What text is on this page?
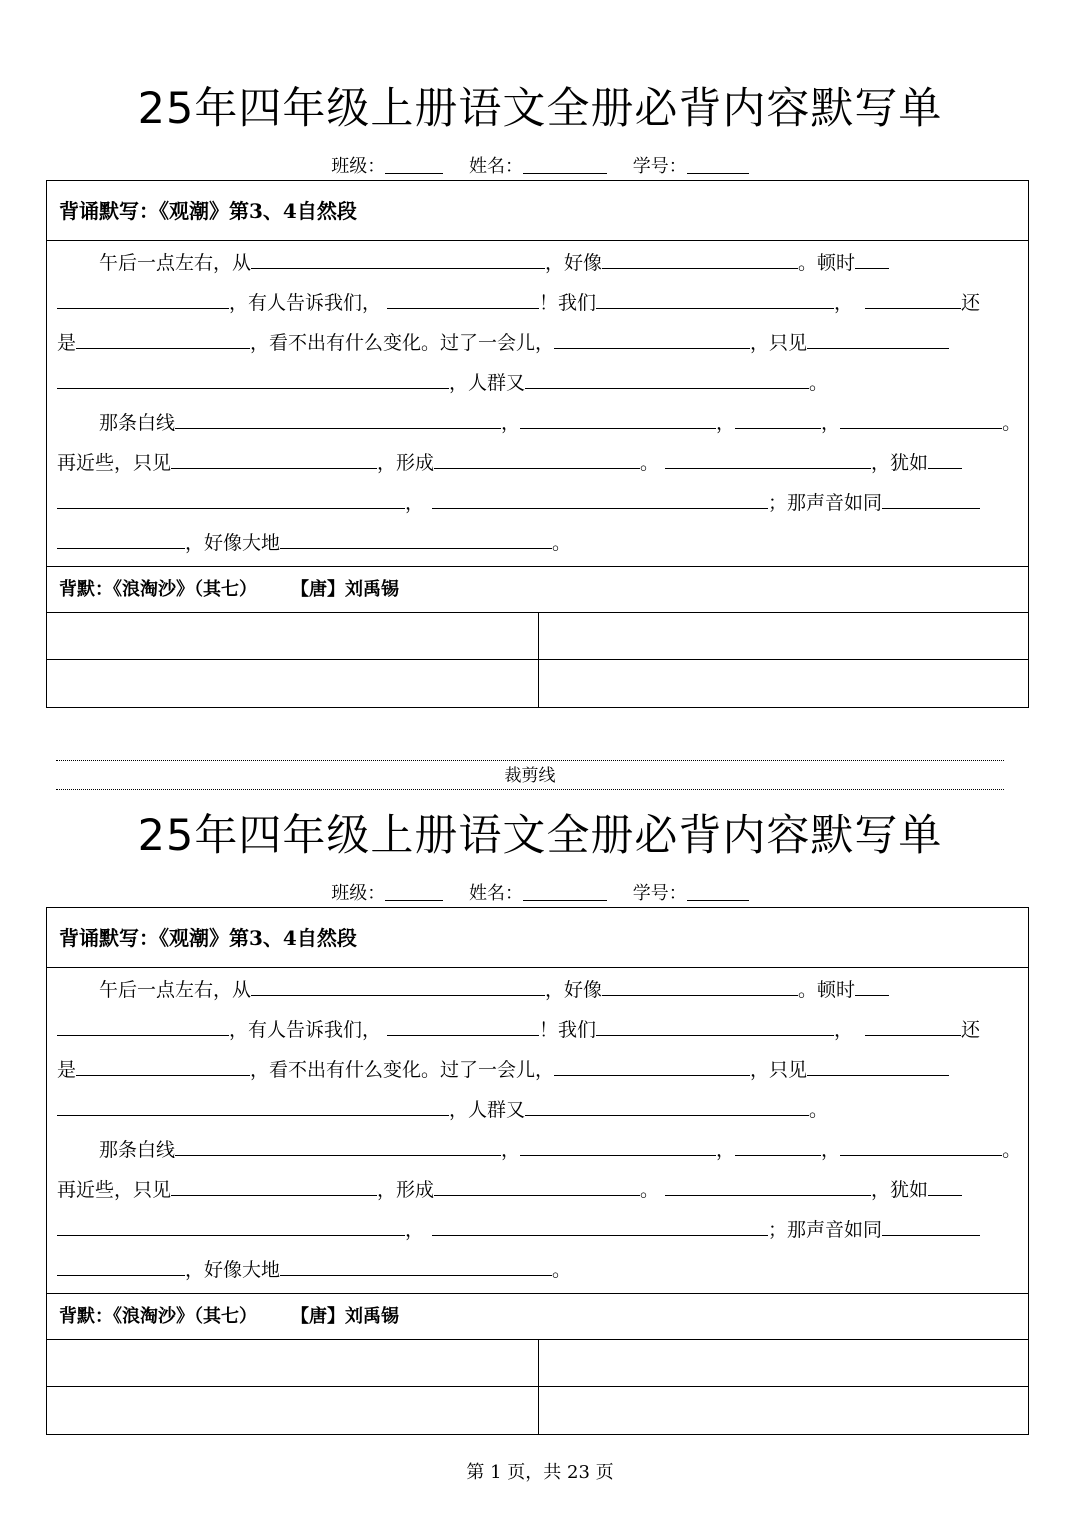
25年四年级上册语文全册必背内容默写单
班级：	姓名：	学号：
背诵默写：《观潮》第3、4自然段
午后一点左右，从	，好像	。顿时
，有人告诉我们，	！我们	，	还
是	，看不出有什么变化。过了一会儿，	，只见
，人群又	。
那条白线	，	，	，	。
再近些，只见	，形成	。	，犹如
，	；那声音如同
，好像大地	。
背默：《浪淘沙》（其七） 【唐】刘禹锡
25年四年级上册语文全册必背内容默写单
班级：	姓名：	学号：
背诵默写：《观潮》第3、4自然段
午后一点左右，从	，好像	。顿时
，有人告诉我们，	！我们	，	还
是	，看不出有什么变化。过了一会儿，	，只见
，人群又	。
那条白线	，	，	，	。
再近些，只见	，形成	。	，犹如
，	；那声音如同
，好像大地	。
背默：《浪淘沙》（其七） 【唐】刘禹锡
裁剪线
第 1 页，共 23 页
